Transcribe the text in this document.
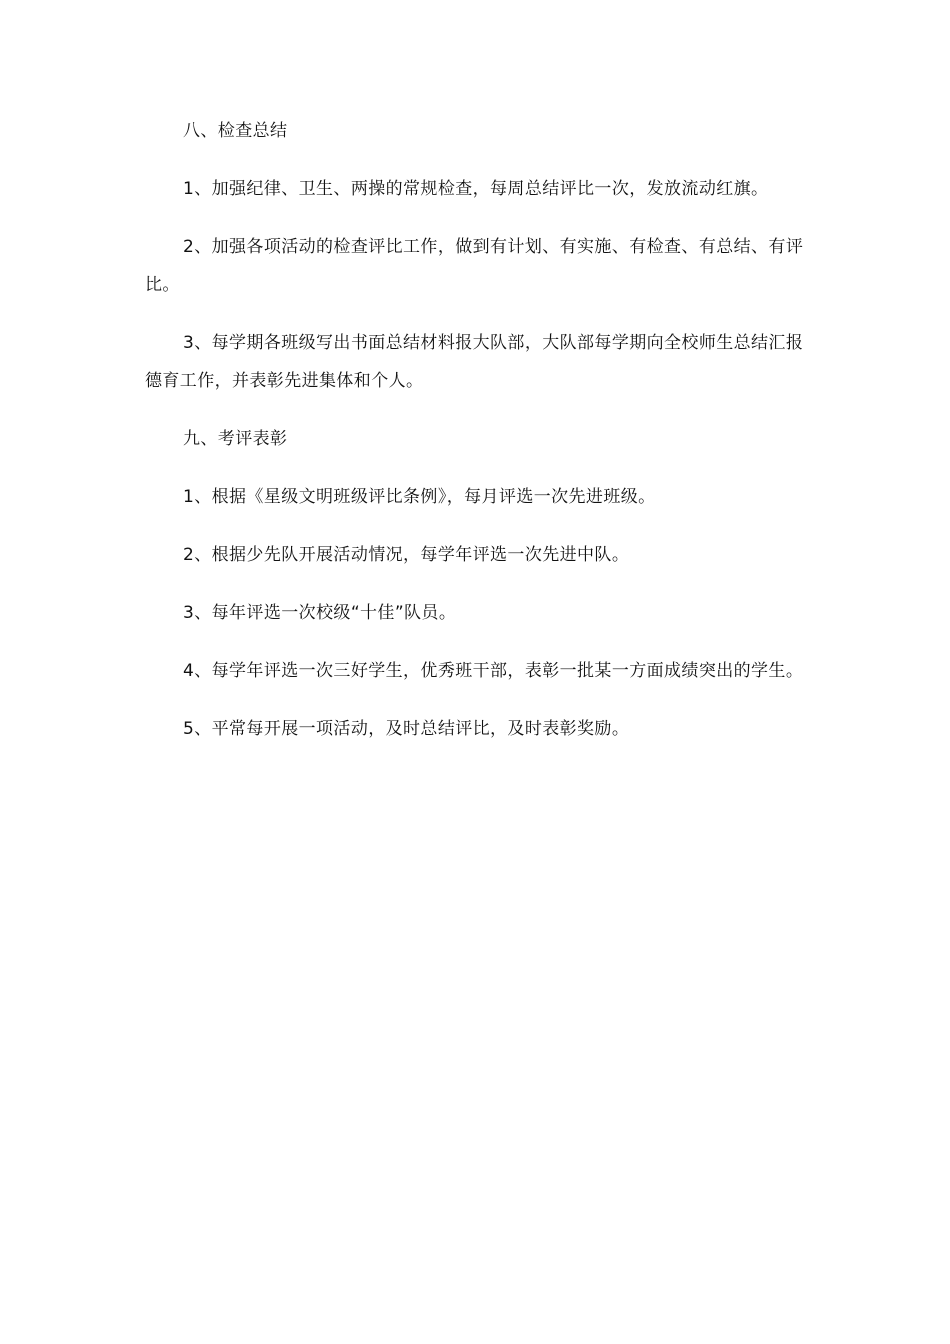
八、检查总结

1、加强纪律、卫生、两操的常规检查，每周总结评比一次，发放流动红旗。

2、加强各项活动的检查评比工作，做到有计划、有实施、有检查、有总结、有评比。

3、每学期各班级写出书面总结材料报大队部，大队部每学期向全校师生总结汇报德育工作，并表彰先进集体和个人。

九、考评表彰

1、根据《星级文明班级评比条例》，每月评选一次先进班级。

2、根据少先队开展活动情况，每学年评选一次先进中队。

3、每年评选一次校级“十佳”队员。

4、每学年评选一次三好学生，优秀班干部，表彰一批某一方面成绩突出的学生。

5、平常每开展一项活动，及时总结评比，及时表彰奖励。
